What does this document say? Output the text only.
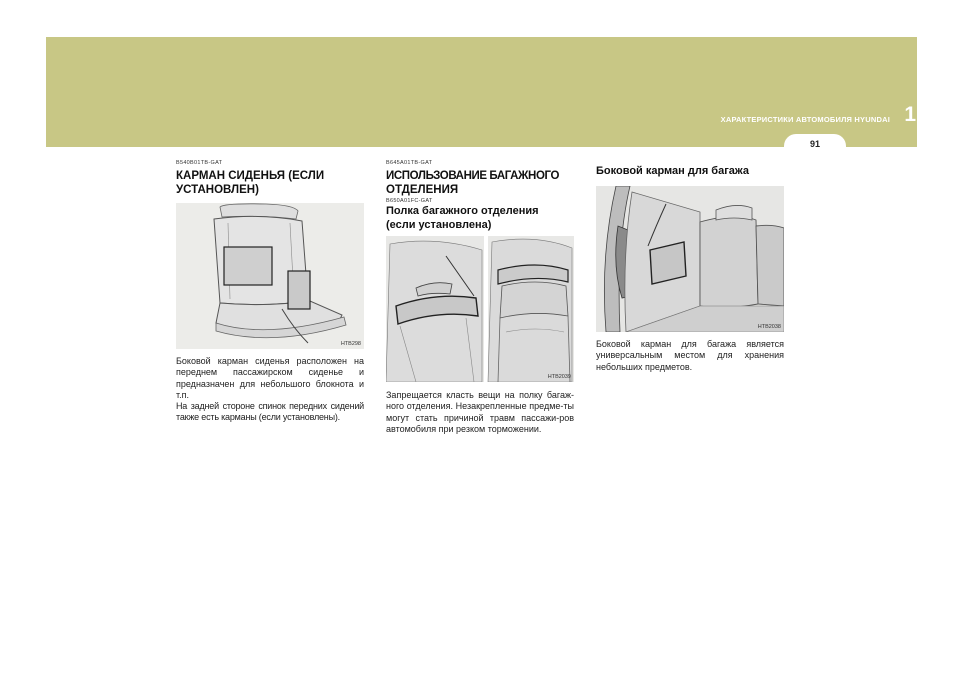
ХАРАКТЕРИСТИКИ АВТОМОБИЛЯ HYUNDAI 1
91
B540B01TB-GAT
КАРМАН СИДЕНЬЯ (ЕСЛИ
УСТАНОВЛЕН)
HTB298
Боковой карман сиденья расположен на переднем пассажирском сиденье и предназначен для небольшого блокнота и т.п.
На задней стороне спинок передних сидений также есть карманы (если установлены).
B645A01TB-GAT
ИСПОЛЬЗОВАНИЕ БАГАЖНОГО
ОТДЕЛЕНИЯ
B650A01FC-GAT
Полка багажного отделения
(если установлена)
HTB2039
Запрещается класть вещи на полку багаж-ного отделения. Незакрепленные предме-ты могут стать причиной травм пассажи-ров автомобиля при резком торможении.
Боковой карман для багажа
HTB2038
Боковой карман для багажа является универсальным местом для хранения небольших предметов.
